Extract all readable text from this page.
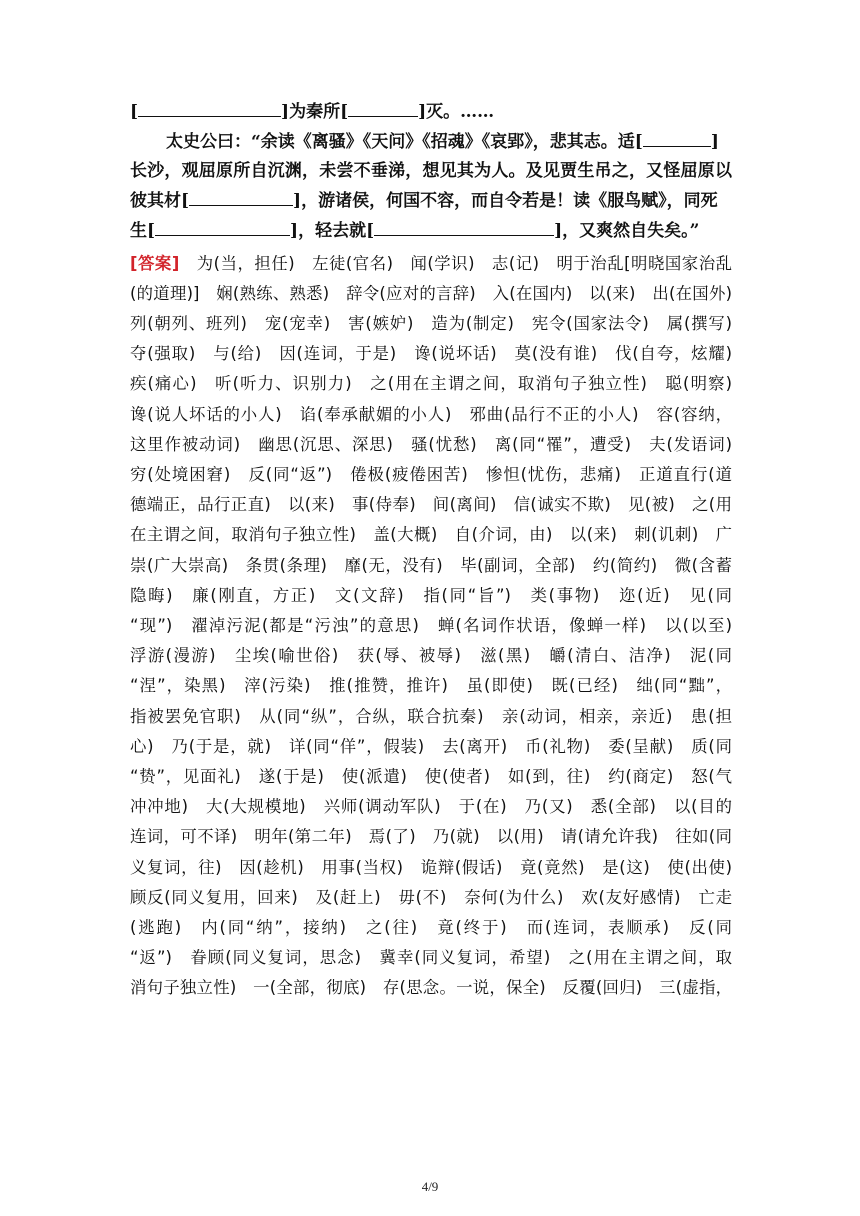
[	]为秦所[	]灭。……
太史公曰：“余读《离骚》《天问》《招魂》《哀郢》，悲其志。适[	]
长沙，观屈原所自沉渊，未尝不垂涕，想见其为人。及见贾生吊之，又怪屈原以
彼其材[	]，游诸侯，何国不容，而自令若是！读《服鸟赋》，同死
生[	]，轻去就[	]，又爽然自失矣。”
[答案]　 为(当，担任)　左徒(官名)　闻(学识)　志(记)　明于治乱[明晓国家治乱
(的道理)]　娴(熟练、熟悉)　辞令(应对的言辞)　入(在国内)　以(来)　出(在国外)
列(朝列、班列)　宠(宠幸)　害(嫉妒)　造为(制定)　宪令(国家法令)　属(撰写)
夺(强取)　与(给)　因(连词，于是)　谗(说坏话)　莫(没有谁)　伐(自夸，炫耀)
疾(痛心)　听(听力、识别力)　之(用在主谓之间，取消句子独立性)　聪(明察)
谗(说人坏话的小人)　谄(奉承献媚的小人)　邪曲(品行不正的小人)　容(容纳，
这里作被动词)　幽思(沉思、深思)　骚(忧愁)　离(同“罹”，遭受)　夫(发语词)
穷(处境困窘)　反(同“返”)　倦极(疲倦困苦)　惨怛(忧伤，悲痛)　正道直行(道
德端正，品行正直)　以(来)　事(侍奉)　间(离间)　信(诚实不欺)　见(被)　之(用
在主谓之间，取消句子独立性)　盖(大概)　自(介词，由)　以(来)　刺(讥刺)　广
崇(广大崇高)　条贯(条理)　靡(无，没有)　毕(副词，全部)　约(简约)　微(含蓄
隐晦)　廉(刚直，方正)　文(文辞)　指(同“旨”)　类(事物)　迩(近)　见(同
“现”)　濯淖污泥(都是“污浊”的意思)　蝉(名词作状语，像蝉一样)　以(以至)
浮游(漫游)　尘埃(喻世俗)　获(辱、被辱)　滋(黑)　皭(清白、洁净)　泥(同
“涅”，染黑)　滓(污染)　推(推赞，推许)　虽(即使)　既(已经)　绌(同“黜”，
指被罢免官职)　从(同“纵”，合纵，联合抗秦)　亲(动词，相亲，亲近)　患(担
心)　乃(于是，就)　详(同“佯”，假装)　去(离开)　币(礼物)　委(呈献)　质(同
“贽”，见面礼)　遂(于是)　使(派遣)　使(使者)　如(到，往)　约(商定)　怒(气
冲冲地)　大(大规模地)　兴师(调动军队)　于(在)　乃(又)　悉(全部)　以(目的
连词，可不译)　明年(第二年)　焉(了)　乃(就)　以(用)　请(请允许我)　往如(同
义复词，往)　因(趁机)　用事(当权)　诡辩(假话)　竟(竟然)　是(这)　使(出使)
顾反(同义复用，回来)　及(赶上)　毋(不)　奈何(为什么)　欢(友好感情)　亡走
(逃跑)　内(同“纳”，接纳)　之(往)　竟(终于)　而(连词，表顺承)　反(同
“返”)　眷顾(同义复词，思念)　冀幸(同义复词，希望)　之(用在主谓之间，取
消句子独立性)　一(全部，彻底)　存(思念。一说，保全)　反覆(回归)　三(虚指，
4/9
